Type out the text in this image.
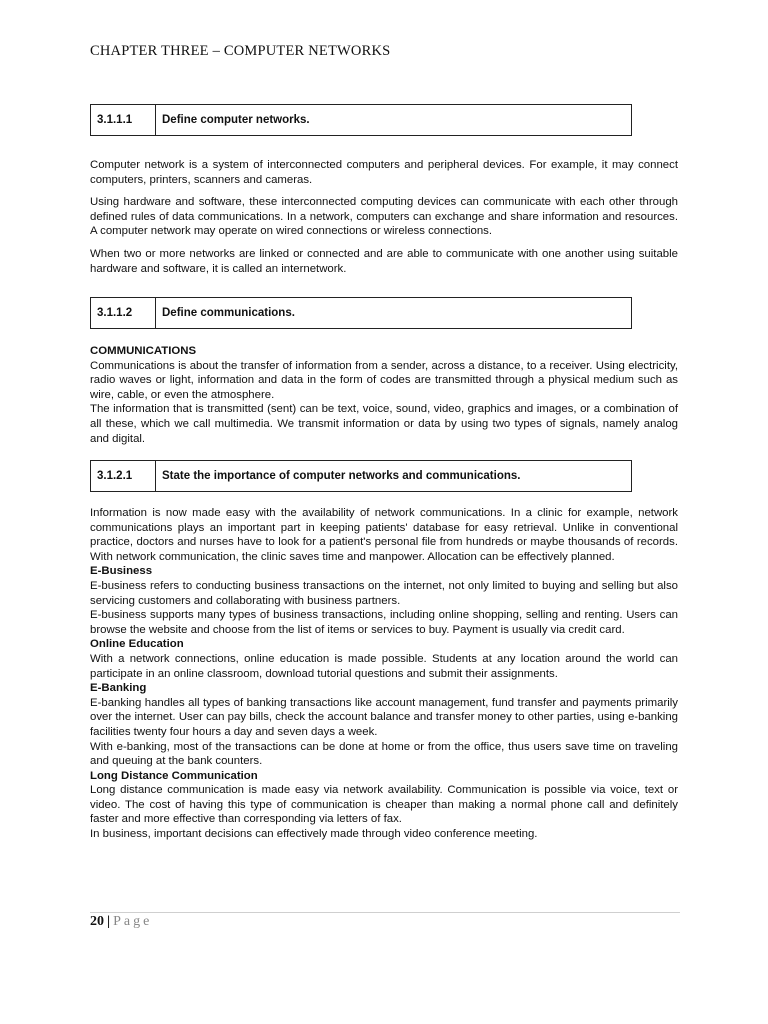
CHAPTER THREE – COMPUTER NETWORKS
3.1.1.1	Define computer networks.

Computer network is a system of interconnected computers and peripheral devices. For example, it may connect computers, printers, scanners and cameras.

Using hardware and software, these interconnected computing devices can communicate with each other through defined rules of data communications. In a network, computers can exchange and share information and resources. A computer network may operate on wired connections or wireless connections.

When two or more networks are linked or connected and are able to communicate with one another using suitable hardware and software, it is called an internetwork.

3.1.1.2	Define communications.

COMMUNICATIONS

Communications is about the transfer of information from a sender, across a distance, to a receiver. Using electricity, radio waves or light, information and data in the form of codes are transmitted through a physical medium such as wire, cable, or even the atmosphere.

The information that is transmitted (sent) can be text, voice, sound, video, graphics and images, or a combination of all these, which we call multimedia. We transmit information or data by using two types of signals, namely analog and digital.

3.1.2.1	State the importance of computer networks and communications.

Information is now made easy with the availability of network communications. In a clinic for example, network communications plays an important part in keeping patients' database for easy retrieval. Unlike in conventional practice, doctors and nurses have to look for a patient's personal file from hundreds or maybe thousands of records. With network communication, the clinic saves time and manpower. Allocation can be effectively planned.

E-Business

E-business refers to conducting business transactions on the internet, not only limited to buying and selling but also servicing customers and collaborating with business partners.

E-business supports many types of business transactions, including online shopping, selling and renting. Users can browse the website and choose from the list of items or services to buy. Payment is usually via credit card.

Online Education

With a network connections, online education is made possible. Students at any location around the world can participate in an online classroom, download tutorial questions and submit their assignments.

E-Banking

E-banking handles all types of banking transactions like account management, fund transfer and payments primarily over the internet. User can pay bills, check the account balance and transfer money to other parties, using e-banking facilities twenty four hours a day and seven days a week.

With e-banking, most of the transactions can be done at home or from the office, thus users save time on traveling and queuing at the bank counters.

Long Distance Communication

Long distance communication is made easy via network availability. Communication is possible via voice, text or video. The cost of having this type of communication is cheaper than making a normal phone call and definitely faster and more effective than corresponding via letters of fax.

In business, important decisions can effectively made through video conference meeting.

20 | Page
